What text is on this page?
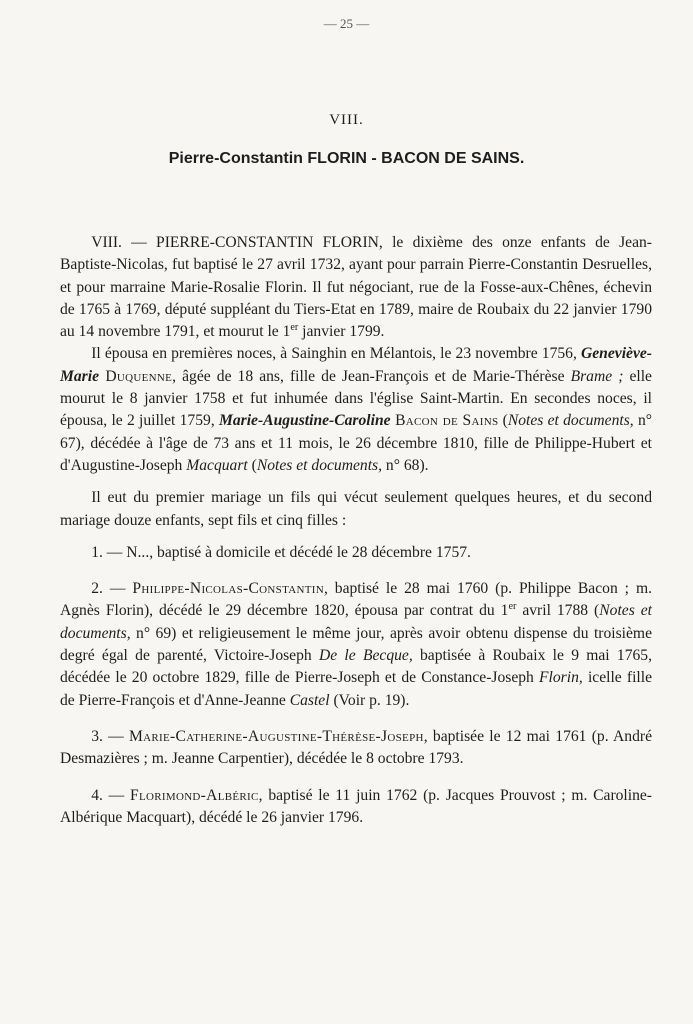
— 25 —
VIII.
Pierre-Constantin FLORIN - BACON DE SAINS.

VIII. — PIERRE-CONSTANTIN FLORIN, le dixième des onze enfants de Jean-Baptiste-Nicolas, fut baptisé le 27 avril 1732, ayant pour parrain Pierre-Constantin Desruelles, et pour marraine Marie-Rosalie Florin. Il fut négociant, rue de la Fosse-aux-Chênes, échevin de 1765 à 1769, député suppléant du Tiers-Etat en 1789, maire de Roubaix du 22 janvier 1790 au 14 novembre 1791, et mourut le 1er janvier 1799.

Il épousa en premières noces, à Sainghin en Mélantois, le 23 novembre 1756, Geneviève-Marie Duquenne, âgée de 18 ans, fille de Jean-François et de Marie-Thérèse Brame ; elle mourut le 8 janvier 1758 et fut inhumée dans l'église Saint-Martin. En secondes noces, il épousa, le 2 juillet 1759, Marie-Augustine-Caroline Bacon de Sains (Notes et documents, n° 67), décédée à l'âge de 73 ans et 11 mois, le 26 décembre 1810, fille de Philippe-Hubert et d'Augustine-Joseph Macquart (Notes et documents, n° 68).

Il eut du premier mariage un fils qui vécut seulement quelques heures, et du second mariage douze enfants, sept fils et cinq filles :

1. — N..., baptisé à domicile et décédé le 28 décembre 1757.

2. — Philippe-Nicolas-Constantin, baptisé le 28 mai 1760 (p. Philippe Bacon ; m. Agnès Florin), décédé le 29 décembre 1820, épousa par contrat du 1er avril 1788 (Notes et documents, n° 69) et religieusement le même jour, après avoir obtenu dispense du troisième degré égal de parenté, Victoire-Joseph De le Becque, baptisée à Roubaix le 9 mai 1765, décédée le 20 octobre 1829, fille de Pierre-Joseph et de Constance-Joseph Florin, icelle fille de Pierre-François et d'Anne-Jeanne Castel (Voir p. 19).

3. — Marie-Catherine-Augustine-Thérèse-Joseph, baptisée le 12 mai 1761 (p. André Desmazières ; m. Jeanne Carpentier), décédée le 8 octobre 1793.

4. — Florimond-Albéric, baptisé le 11 juin 1762 (p. Jacques Prouvost ; m. Caroline-Albérique Macquart), décédé le 26 janvier 1796.
